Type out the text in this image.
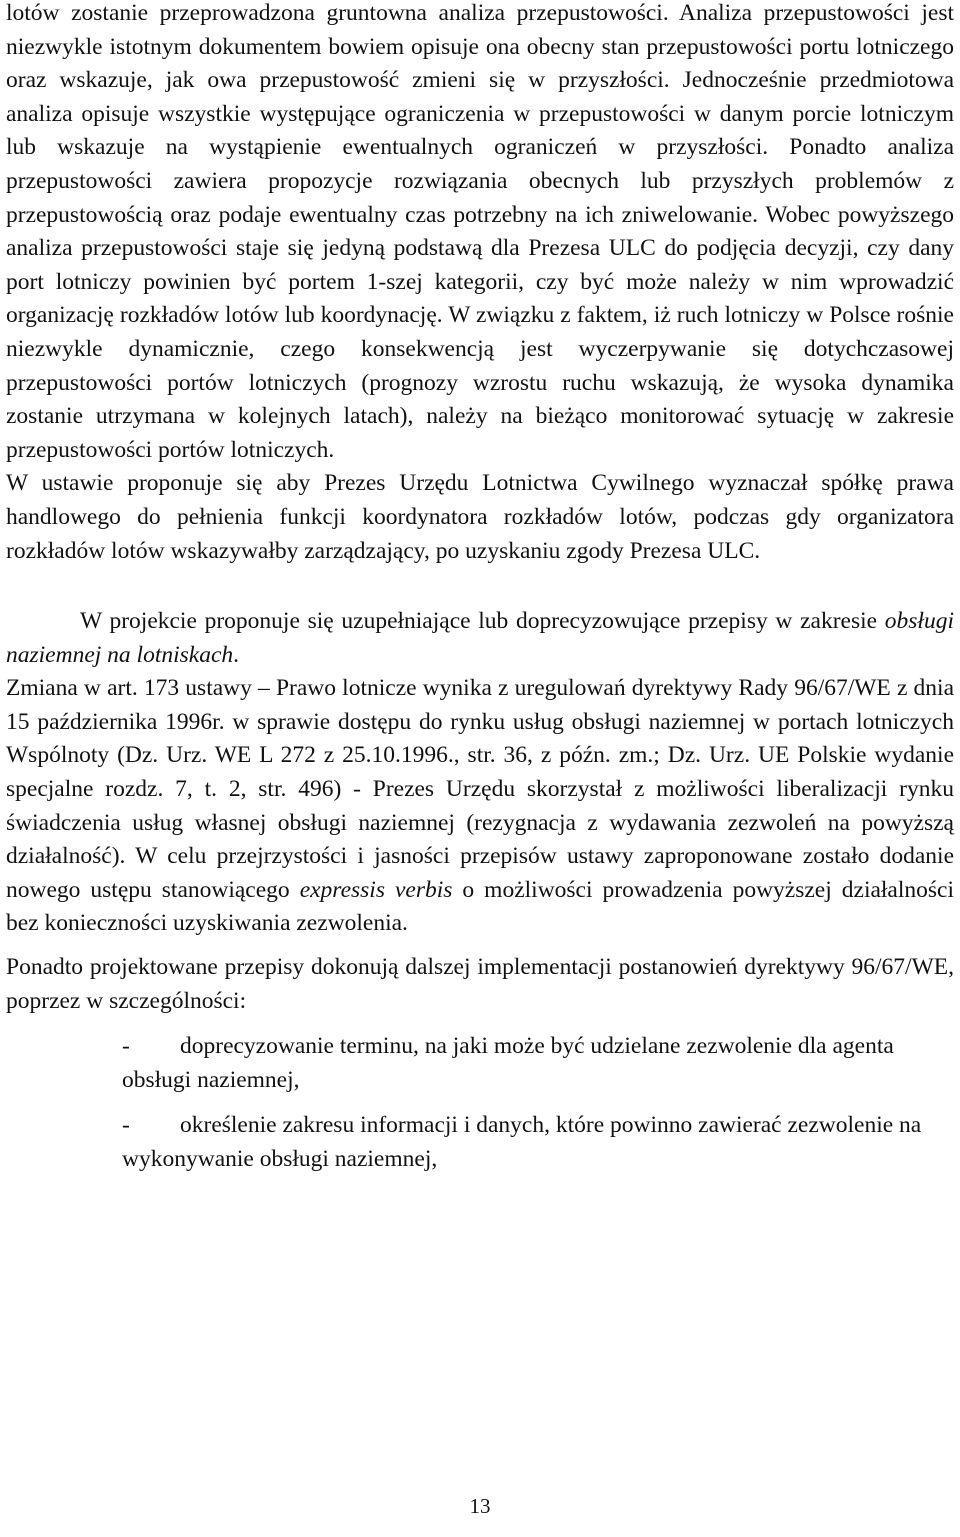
lotów zostanie przeprowadzona gruntowna analiza przepustowości. Analiza przepustowości jest niezwykle istotnym dokumentem bowiem opisuje ona obecny stan przepustowości portu lotniczego oraz wskazuje, jak owa przepustowość zmieni się w przyszłości. Jednocześnie przedmiotowa analiza opisuje wszystkie występujące ograniczenia w przepustowości w danym porcie lotniczym lub wskazuje na wystąpienie ewentualnych ograniczeń w przyszłości. Ponadto analiza przepustowości zawiera propozycje rozwiązania obecnych lub przyszłych problemów z przepustowością oraz podaje ewentualny czas potrzebny na ich zniwelowanie. Wobec powyższego analiza przepustowości staje się jedyną podstawą dla Prezesa ULC do podjęcia decyzji, czy dany port lotniczy powinien być portem 1-szej kategorii, czy być może należy w nim wprowadzić organizację rozkładów lotów lub koordynację. W związku z faktem, iż ruch lotniczy w Polsce rośnie niezwykle dynamicznie, czego konsekwencją jest wyczerpywanie się dotychczasowej przepustowości portów lotniczych (prognozy wzrostu ruchu wskazują, że wysoka dynamika zostanie utrzymana w kolejnych latach), należy na bieżąco monitorować sytuację w zakresie przepustowości portów lotniczych.

W ustawie proponuje się aby Prezes Urzędu Lotnictwa Cywilnego wyznaczał spółkę prawa handlowego do pełnienia funkcji koordynatora rozkładów lotów, podczas gdy organizatora rozkładów lotów wskazywałby zarządzający, po uzyskaniu zgody Prezesa ULC.

W projekcie proponuje się uzupełniające lub doprecyzowujące przepisy w zakresie obsługi naziemnej na lotniskach.

Zmiana w art. 173 ustawy – Prawo lotnicze wynika z uregulowań dyrektywy Rady 96/67/WE z dnia 15 października 1996r. w sprawie dostępu do rynku usług obsługi naziemnej w portach lotniczych Wspólnoty (Dz. Urz. WE L 272 z 25.10.1996., str. 36, z późn. zm.; Dz. Urz. UE Polskie wydanie specjalne rozdz. 7, t. 2, str. 496) - Prezes Urzędu skorzystał z możliwości liberalizacji rynku świadczenia usług własnej obsługi naziemnej (rezygnacja z wydawania zezwoleń na powyższą działalność). W celu przejrzystości i jasności przepisów ustawy zaproponowane zostało dodanie nowego ustępu stanowiącego expressis verbis o możliwości prowadzenia powyższej działalności bez konieczności uzyskiwania zezwolenia.

Ponadto projektowane przepisy dokonują dalszej implementacji postanowień dyrektywy 96/67/WE, poprzez w szczególności:

-	doprecyzowanie terminu, na jaki może być udzielane zezwolenie dla agenta obsługi naziemnej,
-	określenie zakresu informacji i danych, które powinno zawierać zezwolenie na wykonywanie obsługi naziemnej,
13
